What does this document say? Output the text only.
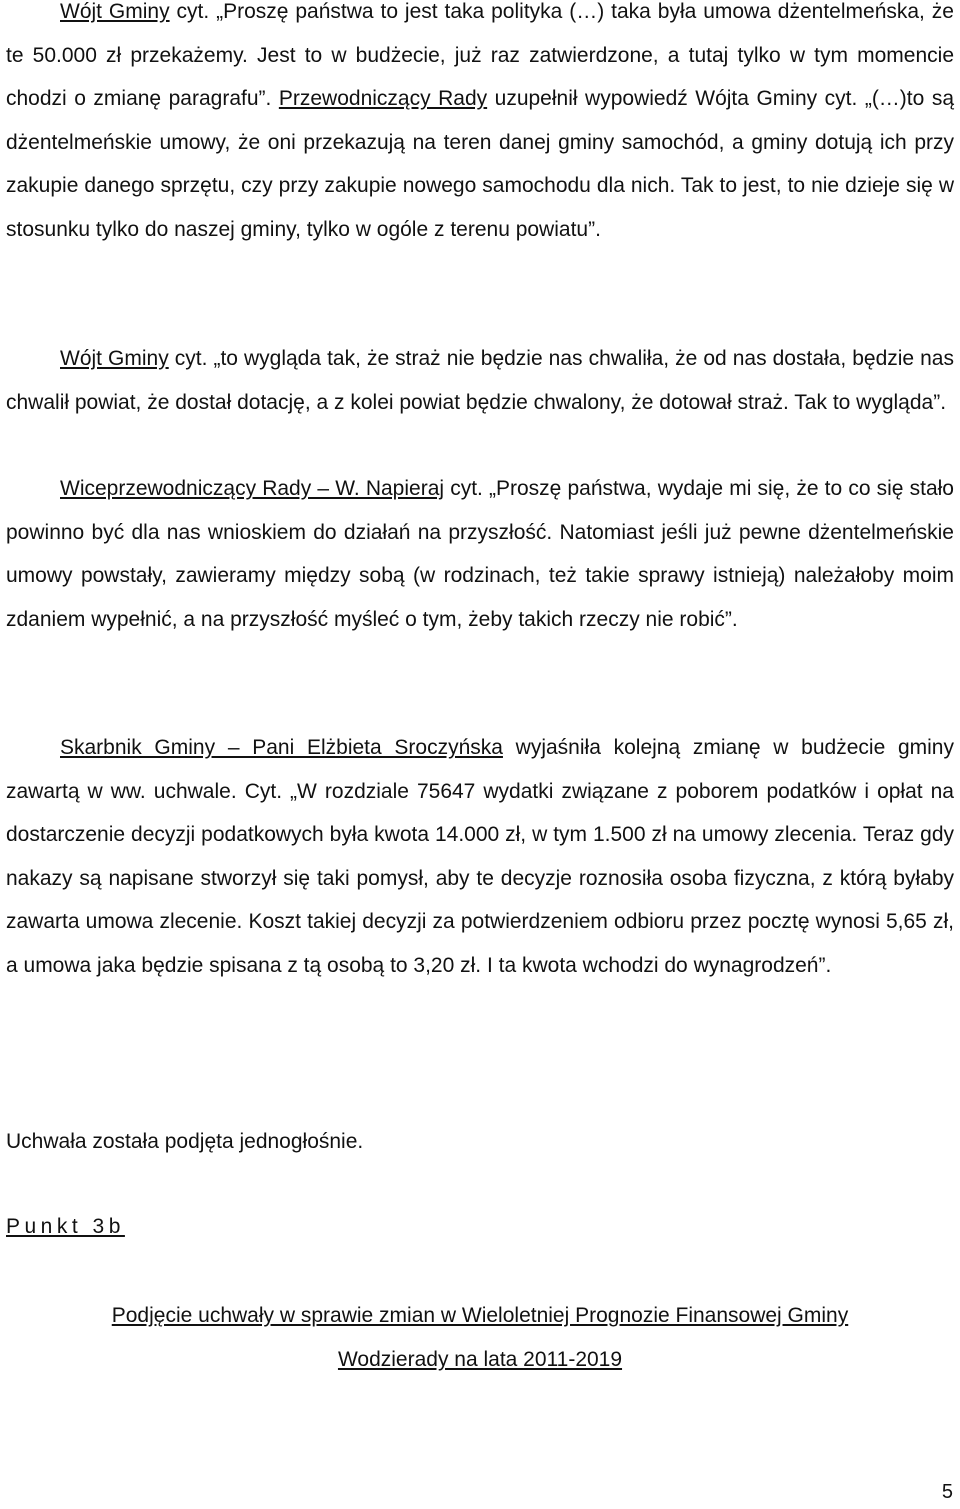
Wójt Gminy cyt. „Proszę państwa to jest taka polityka (…) taka była umowa dżentelmeńska, że te 50.000 zł przekażemy. Jest to w budżecie, już raz zatwierdzone, a tutaj tylko w tym momencie chodzi o zmianę paragrafu”. Przewodniczący Rady uzupełnił wypowiedź Wójta Gminy cyt. „(…)to są dżentelmeńskie umowy, że oni przekazują na teren danej gminy samochód, a gminy dotują ich przy zakupie danego sprzętu, czy przy zakupie nowego samochodu dla nich. Tak to jest, to nie dzieje się w stosunku tylko do naszej gminy, tylko w ogóle z terenu powiatu”.

Wójt Gminy cyt. „to wygląda tak, że straż nie będzie nas chwaliła, że od nas dostała, będzie nas chwalił powiat, że dostał dotację, a z kolei powiat będzie chwalony, że dotował straż. Tak to wygląda”.

Wiceprzewodniczący Rady – W. Napieraj cyt. „Proszę państwa, wydaje mi się, że to co się stało powinno być dla nas wnioskiem do działań na przyszłość. Natomiast jeśli już pewne dżentelmeńskie umowy powstały, zawieramy między sobą (w rodzinach, też takie sprawy istnieją) należałoby moim zdaniem wypełnić, a na przyszłość myśleć o tym, żeby takich rzeczy nie robić”.

Skarbnik Gminy – Pani Elżbieta Sroczyńska wyjaśniła kolejną zmianę w budżecie gminy zawartą w ww. uchwale. Cyt. „W rozdziale 75647 wydatki związane z poborem podatków i opłat na dostarczenie decyzji podatkowych była kwota 14.000 zł, w tym 1.500 zł na umowy zlecenia. Teraz gdy nakazy są napisane stworzył się taki pomysł, aby te decyzje roznosiła osoba fizyczna, z którą byłaby zawarta umowa zlecenie. Koszt takiej decyzji za potwierdzeniem odbioru przez pocztę wynosi 5,65 zł, a umowa jaka będzie spisana z tą osobą to 3,20 zł. I ta kwota wchodzi do wynagrodzeń”.

Uchwała została podjęta jednogłośnie.

Punkt 3b

Podjęcie uchwały w sprawie zmian w Wieloletniej Prognozie Finansowej Gminy

Wodzierady na lata 2011-2019

5
